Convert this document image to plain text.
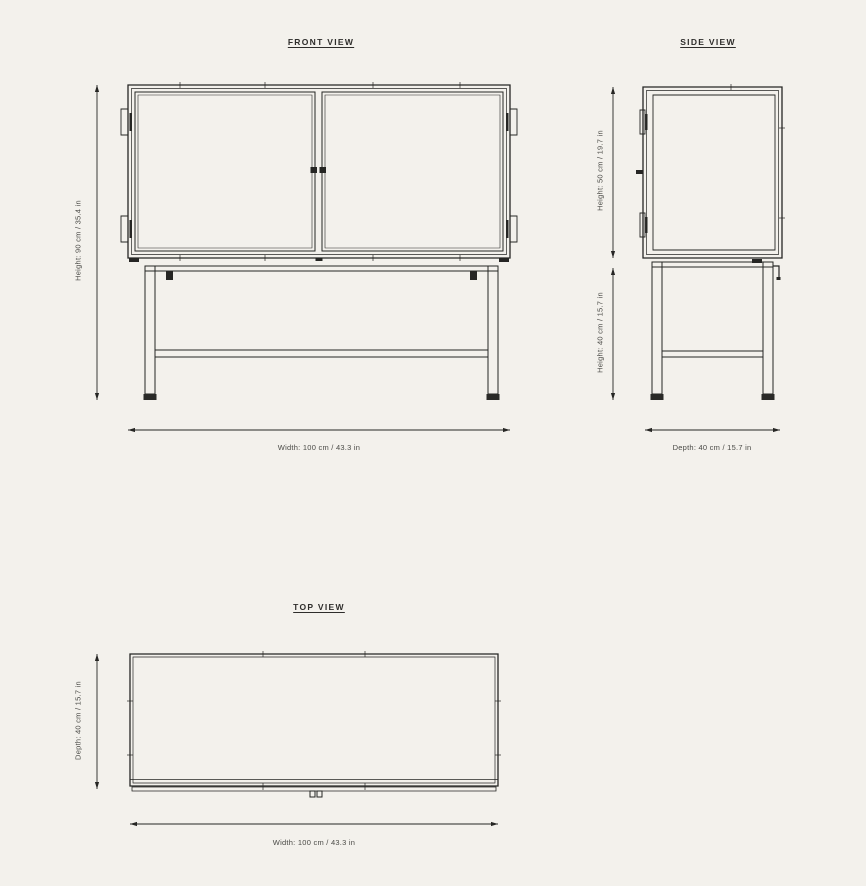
FRONT VIEW	SIDE VIEW
TOP VIEW
Height: 90 cm / 35.4 in
Width: 100 cm / 43.3 in
Height: 50 cm / 19.7 in
Height: 40 cm / 15.7 in
Depth: 40 cm / 15.7 in
Depth: 40 cm / 15.7 in
Width: 100 cm / 43.3 in
